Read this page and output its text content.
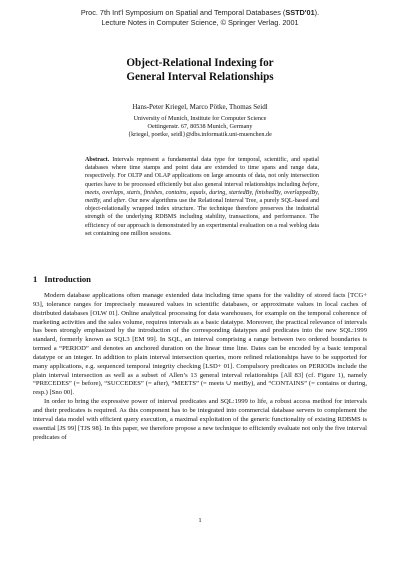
Proc. 7th Int'l Symposium on Spatial and Temporal Databases (SSTD'01).
Lecture Notes in Computer Science, © Springer Verlag. 2001
Object-Relational Indexing for
General Interval Relationships
Hans-Peter Kriegel, Marco Pötke, Thomas Seidl
University of Munich, Institute for Computer Science
Oettingenstr. 67, 80538 Munich, Germany
{kriegel, poetke, seidl}@dbs.informatik.uni-muenchen.de
Abstract. Intervals represent a fundamental data type for temporal, scientific, and spatial databases where time stamps and point data are extended to time spans and range data, respectively. For OLTP and OLAP applications on large amounts of data, not only intersection queries have to be processed efficiently but also general interval relationships including before, meets, overlaps, starts, finishes, contains, equals, during, startedBy, finishedBy, overlappedBy, metBy, and after. Our new algorithms use the Relational Interval Tree, a purely SQL-based and object-relationally wrapped index structure. The technique therefore preserves the industrial strength of the underlying RDBMS including stability, transactions, and performance. The efficiency of our approach is demonstrated by an experimental evaluation on a real weblog data set containing one million sessions.
1 Introduction

Modern database applications often manage extended data including time spans for the validity of stored facts [TCG+ 93], tolerance ranges for imprecisely measured values in scientific databases, or approximate values in local caches of distributed databases [OLW 01]. Online analytical processing for data warehouses, for example on the temporal coherence of marketing activities and the sales volume, requires intervals as a basic datatype. Moreover, the practical relevance of intervals has been strongly emphasized by the introduction of the corresponding datatypes and predicates into the new SQL:1999 standard, formerly known as SQL3 [EM 99]. In SQL, an interval comprising a range between two ordered boundaries is termed a “PERIOD” and denotes an anchored duration on the linear time line. Dates can be encoded by a basic temporal datatype or an integer. In addition to plain interval intersection queries, more refined relationships have to be supported for many applications, e.g. sequenced temporal integrity checking [LSD+ 01]. Compulsory predicates on PERIODs include the plain interval intersection as well as a subset of Allen’s 13 general interval relationships [All 83] (cf. Figure 1), namely “PRECEDES” (= before), “SUCCEDES” (= after), “MEETS” (= meets ∪ metBy), and “CONTAINS” (= contains or during, resp.) [Sno 00].

In order to bring the expressive power of interval predicates and SQL:1999 to life, a robust access method for intervals and their predicates is required. As this component has to be integrated into commercial database servers to complement the interval data model with efficient query execution, a maximal exploitation of the generic functionality of existing RDBMS is essential [JS 99] [TJS 98]. In this paper, we therefore propose a new technique to efficiently evaluate not only the five interval predicates of

1
